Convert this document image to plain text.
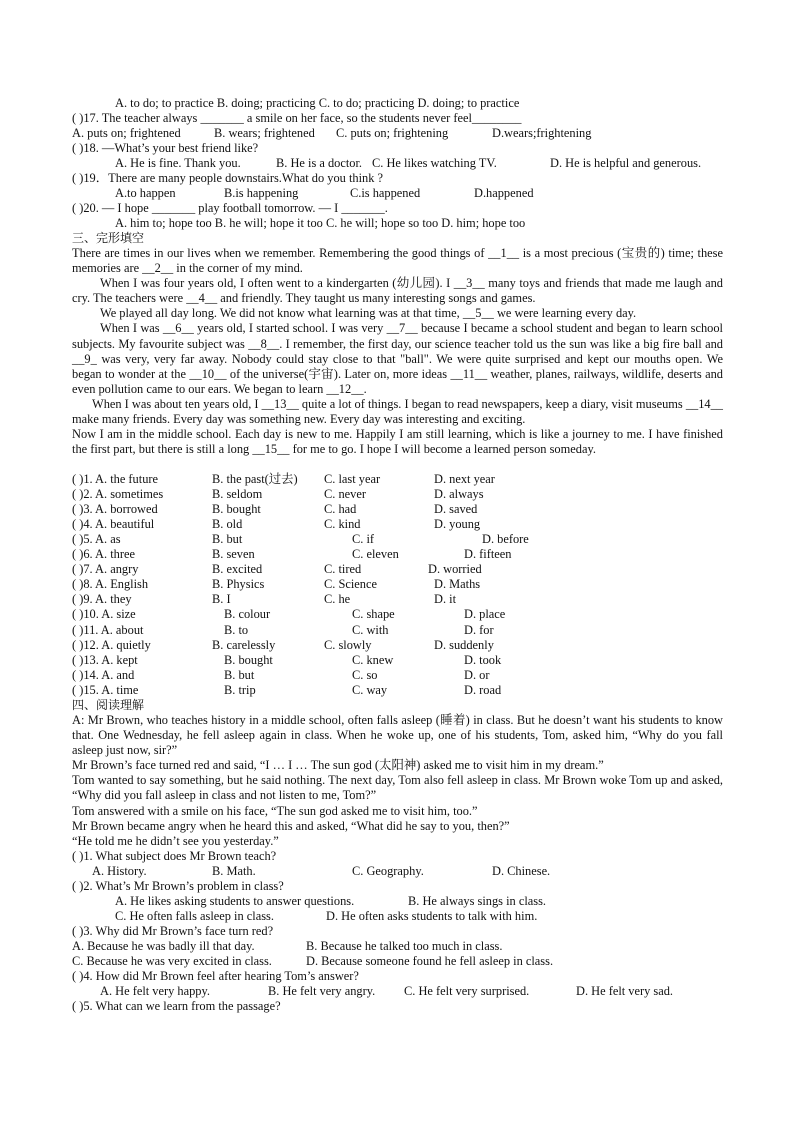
A. to do; to practice B. doing; practicing C. to do; practicing D. doing; to practice
( )17. The teacher always _______ a smile on her face, so the students never feel________
A. puts on; frightened	B. wears; frightened C. puts on; frightening	D.wears;frightening
( )18. —What’s your best friend like?
A. He is fine. Thank you.	B. He is a doctor. C. He likes watching TV.	D. He is helpful and generous.
( )19．There are many people downstairs.What do you think ?
A.to happen	B.is happening	C.is happened	D.happened
( )20. — I hope _______ play football tomorrow. — I _______.
A. him to; hope too B. he will; hope it too C. he will; hope so too D. him; hope too
三、完形填空

There are times in our lives when we remember. Remembering the good things of __1__ is a most precious (宝贵的) time; these memories are __2__ in the corner of my mind.

When I was four years old, I often went to a kindergarten (幼儿园). I __3__ many toys and friends that made me laugh and cry. The teachers were __4__ and friendly. They taught us many interesting songs and games.

We played all day long. We did not know what learning was at that time, __5__ we were learning every day.

When I was __6__ years old, I started school. I was very __7__ because I became a school student and began to learn school subjects. My favourite subject was __8__. I remember, the first day, our science teacher told us the sun was like a big fire ball and __9_ was very, very far away. Nobody could stay close to that "ball". We were quite surprised and kept our mouths open. We began to wonder at the __10__ of the universe(宇宙). Later on, more ideas __11__ weather, planes, railways, wildlife, deserts and even pollution came to our ears. We began to learn __12__.

When I was about ten years old, I __13__ quite a lot of things. I began to read newspapers, keep a diary, visit museums __14__ make many friends. Every day was something new. Every day was interesting and exciting.

Now I am in the middle school. Each day is new to me. Happily I am still learning, which is like a journey to me. I have finished the first part, but there is still a long __15__ for me to go. I hope I will become a learned person someday.

( )1. A. the future	B. the past(过去) C. last year	D. next year
( )2. A. sometimes	B. seldom	C. never	D. always
( )3. A. borrowed	B. bought	C. had	D. saved
( )4. A. beautiful	B. old	C. kind	D. young
( )5. A. as	B. but	C. if	D. before
( )6. A. three	B. seven	C. eleven	D. fifteen
( )7. A. angry	B. excited	C. tired	D. worried
( )8. A. English	B. Physics	C. Science	D. Maths
( )9. A. they	B. I	C. he	D. it
( )10. A. size	B. colour	C. shape	D. place
( )11. A. about	B. to	C. with	D. for
( )12. A. quietly	B. carelessly	C. slowly	D. suddenly
( )13. A. kept	B. bought	C. knew	D. took
( )14. A. and	B. but	C. so	D. or
( )15. A. time	B. trip	C. way	D. road
四、阅读理解

A: Mr Brown, who teaches history in a middle school, often falls asleep (睡着) in class. But he doesn’t want his students to know that. One Wednesday, he fell asleep again in class. When he woke up, one of his students, Tom, asked him, “Why do you fall asleep just now, sir?”

Mr Brown’s face turned red and said, “I … I … The sun god (太阳神) asked me to visit him in my dream.”

Tom wanted to say something, but he said nothing. The next day, Tom also fell asleep in class. Mr Brown woke Tom up and asked, “Why did you fall asleep in class and not listen to me, Tom?”

Tom answered with a smile on his face, “The sun god asked me to visit him, too.”

Mr Brown became angry when he heard this and asked, “What did he say to you, then?”

“He told me he didn’t see you yesterday.”

( )1. What subject does Mr Brown teach?
A. History.	B. Math.	C. Geography.	D. Chinese.
( )2. What’s Mr Brown’s problem in class?
A. He likes asking students to answer questions.	B. He always sings in class.
C. He often falls asleep in class.	D. He often asks students to talk with him.
( )3. Why did Mr Brown’s face turn red?
A. Because he was badly ill that day.	B. Because he talked too much in class.
C. Because he was very excited in class.	D. Because someone found he fell asleep in class.
( )4. How did Mr Brown feel after hearing Tom’s answer?
A. He felt very happy.	B. He felt very angry. C. He felt very surprised.	D. He felt very sad.
( )5. What can we learn from the passage?
